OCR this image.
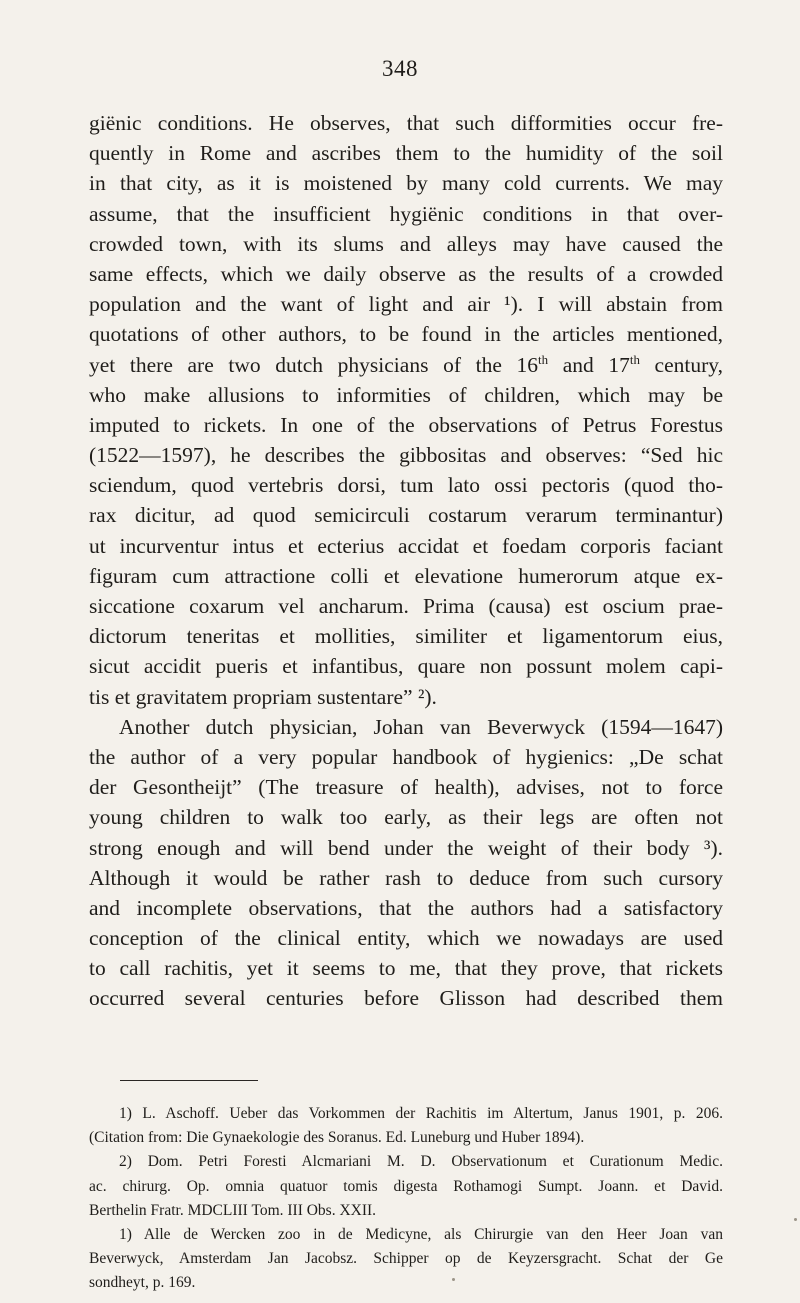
348
giënic conditions. He observes, that such difformities occur fre-
quently in Rome and ascribes them to the humidity of the soil
in that city, as it is moistened by many cold currents. We may
assume, that the insufficient hygiënic conditions in that over-
crowded town, with its slums and alleys may have caused the
same effects, which we daily observe as the results of a crowded
population and the want of light and air ¹). I will abstain from
quotations of other authors, to be found in the articles mentioned,
yet there are two dutch physicians of the 16th and 17th century,
who make allusions to informities of children, which may be
imputed to rickets. In one of the observations of Petrus Forestus
(1522—1597), he describes the gibbositas and observes: “Sed hic
sciendum, quod vertebris dorsi, tum lato ossi pectoris (quod tho-
rax dicitur, ad quod semicirculi costarum verarum terminantur)
ut incurventur intus et ecterius accidat et foedam corporis faciant
figuram cum attractione colli et elevatione humerorum atque ex-
siccatione coxarum vel ancharum. Prima (causa) est oscium prae-
dictorum teneritas et mollities, similiter et ligamentorum eius,
sicut accidit pueris et infantibus, quare non possunt molem capi-
tis et gravitatem propriam sustentare” ²).
Another dutch physician, Johan van Beverwyck (1594—1647)
the author of a very popular handbook of hygienics: „De schat
der Gesontheijt” (The treasure of health), advises, not to force
young children to walk too early, as their legs are often not
strong enough and will bend under the weight of their body ³).
Although it would be rather rash to deduce from such cursory
and incomplete observations, that the authors had a satisfactory
conception of the clinical entity, which we nowadays are used
to call rachitis, yet it seems to me, that they prove, that rickets
occurred several centuries before Glisson had described them
1) L. Aschoff. Ueber das Vorkommen der Rachitis im Altertum, Janus 1901, p. 206.
(Citation from: Die Gynaekologie des Soranus. Ed. Luneburg und Huber 1894).
2) Dom. Petri Foresti Alcmariani M. D. Observationum et Curationum Medic.
ac. chirurg. Op. omnia quatuor tomis digesta Rothamogi Sumpt. Joann. et David.
Berthelin Fratr. MDCLIII Tom. III Obs. XXII.
1) Alle de Wercken zoo in de Medicyne, als Chirurgie van den Heer Joan van
Beverwyck, Amsterdam Jan Jacobsz. Schipper op de Keyzersgracht. Schat der Ge
sondheyt, p. 169.
